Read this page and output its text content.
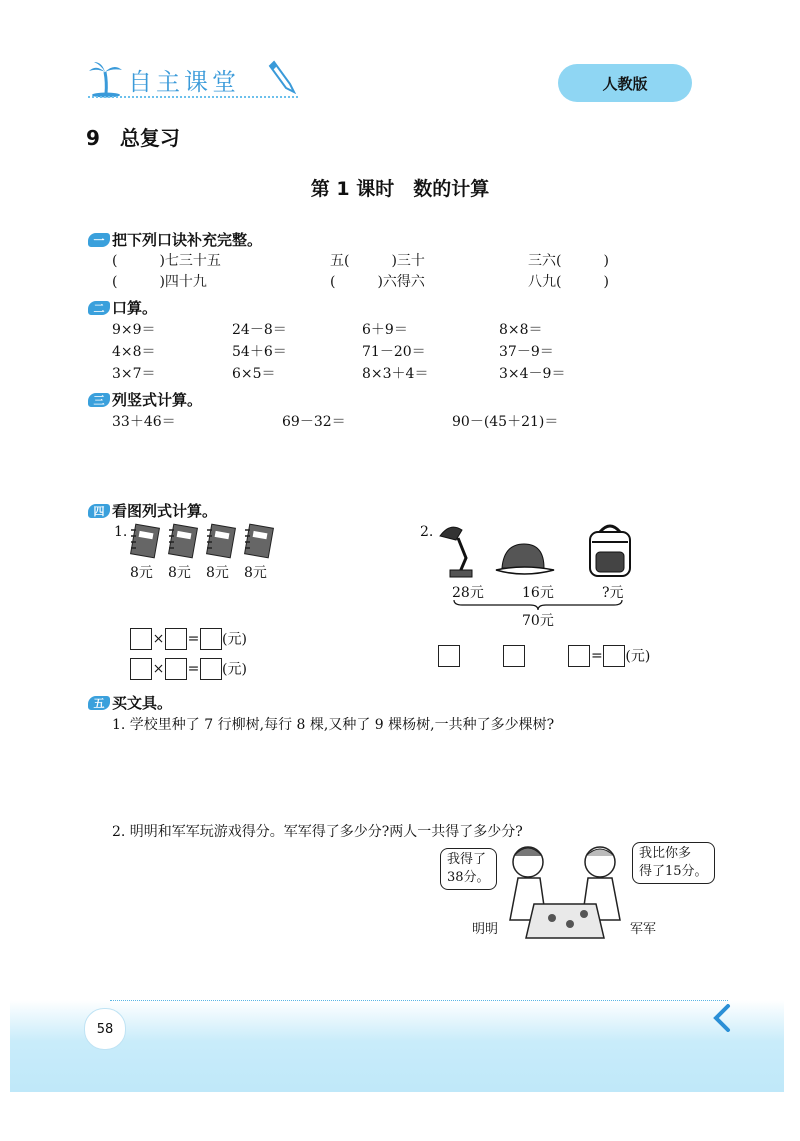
自主课堂	人教版
9　总复习
第 1 课时　数的计算
一 把下列口诀补充完整。
(　　　)七三十五	五(　　　)三十	三六(　　　)
(　　　)四十九	(　　　)六得六	八九(　　　)
二 口算。
9×9＝	24－8＝	6＋9＝	8×8＝
4×8＝	54＋6＝	71－20＝	37－9＝
3×7＝	6×5＝	8×3＋4＝	3×4－9＝
三 列竖式计算。
33＋46＝	69－32＝	90－(45＋21)＝
四 看图列式计算。
1.
8元 8元 8元 8元
× = (元)
× = (元)
2.
28元	16元	?元
70元
= (元)
五 买文具。
1. 学校里种了 7 行柳树,每行 8 棵,又种了 9 棵杨树,一共种了多少棵树?
2. 明明和军军玩游戏得分。军军得了多少分?两人一共得了多少分?
我得了
38分。
我比你多
得了15分。
明明	军军
58
